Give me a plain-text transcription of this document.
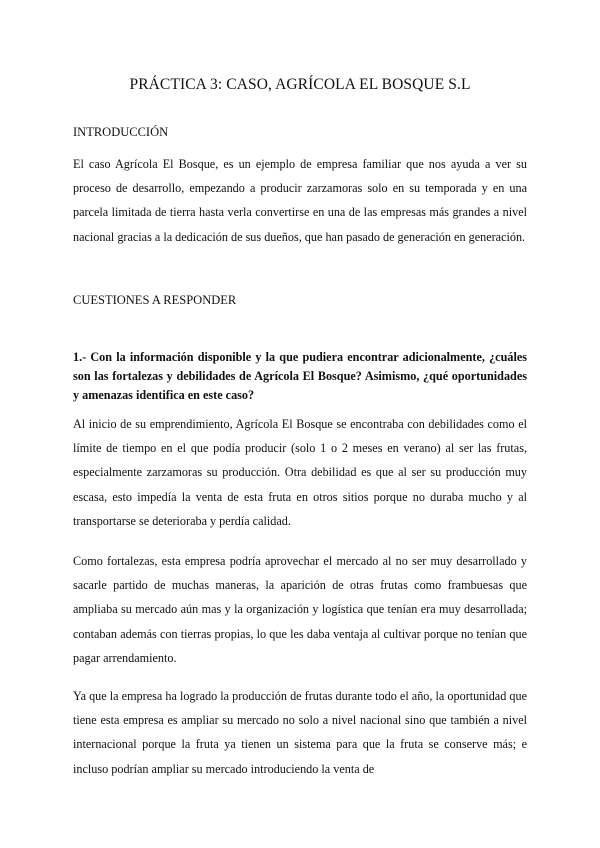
PRÁCTICA 3: CASO, AGRÍCOLA EL BOSQUE S.L
INTRODUCCIÓN

El caso Agrícola El Bosque, es un ejemplo de empresa familiar que nos ayuda a ver su proceso de desarrollo, empezando a producir zarzamoras solo en su temporada y en una parcela limitada de tierra hasta verla convertirse en una de las empresas más grandes a nivel nacional gracias a la dedicación de sus dueños, que han pasado de generación en generación.

CUESTIONES A RESPONDER

1.- Con la información disponible y la que pudiera encontrar adicionalmente, ¿cuáles son las fortalezas y debilidades de Agrícola El Bosque? Asimismo, ¿qué oportunidades y amenazas identifica en este caso?

Al inicio de su emprendimiento, Agrícola El Bosque se encontraba con debilidades como el límite de tiempo en el que podía producir (solo 1 o 2 meses en verano) al ser las frutas, especialmente zarzamoras su producción. Otra debilidad es que al ser su producción muy escasa, esto impedía la venta de esta fruta en otros sitios porque no duraba mucho y al transportarse se deterioraba y perdía calidad.

Como fortalezas, esta empresa podría aprovechar el mercado al no ser muy desarrollado y sacarle partido de muchas maneras, la aparición de otras frutas como frambuesas que ampliaba su mercado aún mas y la organización y logística que tenían era muy desarrollada; contaban además con tierras propias, lo que les daba ventaja al cultivar porque no tenían que pagar arrendamiento.

Ya que la empresa ha logrado la producción de frutas durante todo el año, la oportunidad que tiene esta empresa es ampliar su mercado no solo a nivel nacional sino que también a nivel internacional porque la fruta ya tienen un sistema para que la fruta se conserve más; e incluso podrían ampliar su mercado introduciendo la venta de
